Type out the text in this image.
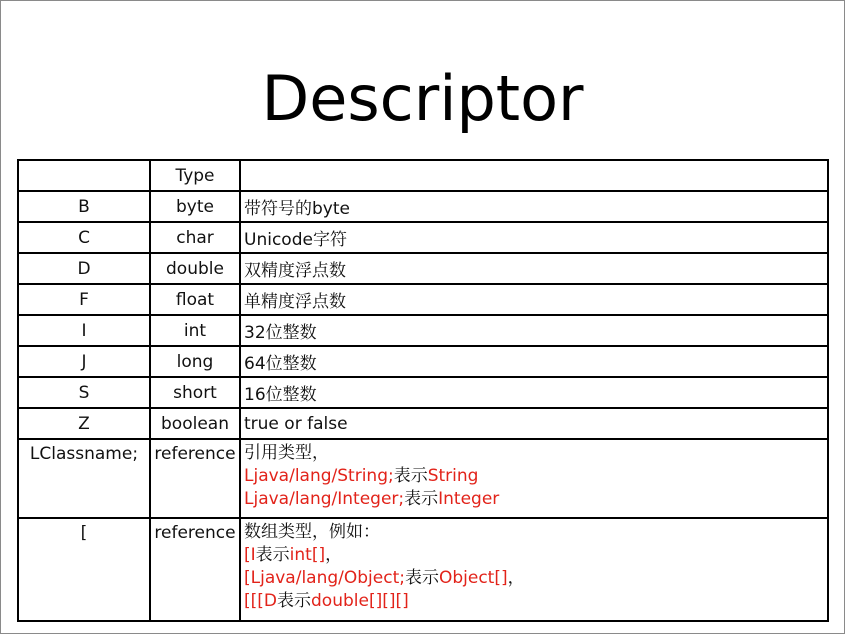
Descriptor
	Type	
B	byte	带符号的byte
C	char	Unicode字符
D	double	双精度浮点数
F	float	单精度浮点数
I	int	32位整数
J	long	64位整数
S	short	16位整数
Z	boolean	true or false
LClassname;	reference	引用类型，
Ljava/lang/String;表示String
Ljava/lang/Integer;表示Integer

[	reference	数组类型，例如：
[I表示int[]，
[Ljava/lang/Object;表示Object[]，
[[[D表示double[][][]
